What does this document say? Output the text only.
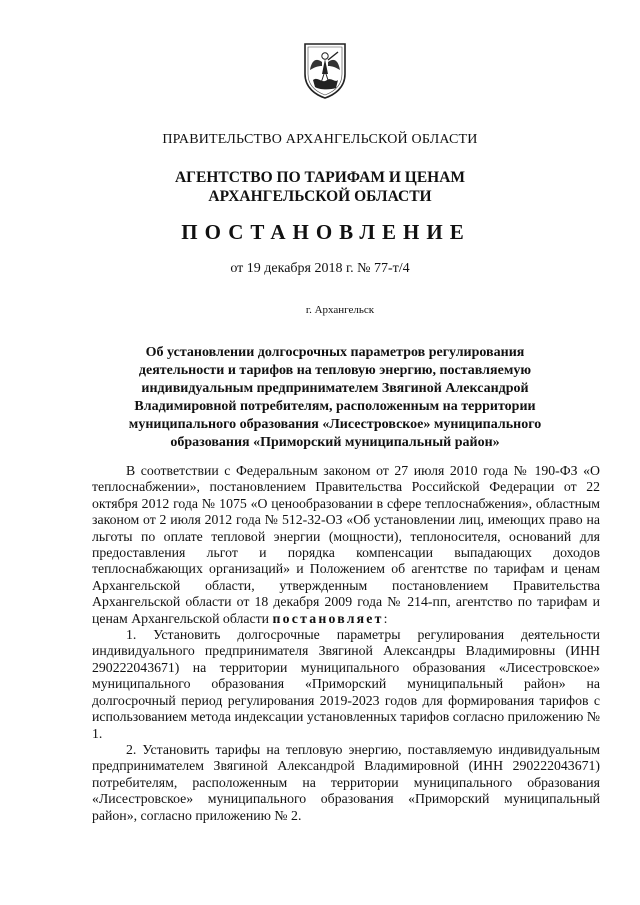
ПРАВИТЕЛЬСТВО АРХАНГЕЛЬСКОЙ ОБЛАСТИ
АГЕНТСТВО ПО ТАРИФАМ И ЦЕНАМ
АРХАНГЕЛЬСКОЙ ОБЛАСТИ
ПОСТАНОВЛЕНИЕ
от 19 декабря 2018 г. № 77-т/4
г. Архангельск
Об установлении долгосрочных параметров регулирования
деятельности и тарифов на тепловую энергию, поставляемую
индивидуальным предпринимателем Звягиной Александрой
Владимировной потребителям, расположенным на территории
муниципального образования «Лисестровское» муниципального
образования «Приморский муниципальный район»

В соответствии с Федеральным законом от 27 июля 2010 года № 190-ФЗ «О теплоснабжении», постановлением Правительства Российской Федерации от 22 октября 2012 года № 1075 «О ценообразовании в сфере теплоснабжения», областным законом от 2 июля 2012 года № 512-32-ОЗ «Об установлении лиц, имеющих право на льготы по оплате тепловой энергии (мощности), теплоносителя, оснований для предоставления льгот и порядка компенсации выпадающих доходов теплоснабжающих организаций» и Положением об агентстве по тарифам и ценам Архангельской области, утвержденным постановлением Правительства Архангельской области от 18 декабря 2009 года № 214-пп, агентство по тарифам и ценам Архангельской области постановляет:

1. Установить долгосрочные параметры регулирования деятельности индивидуального предпринимателя Звягиной Александры Владимировны (ИНН 290222043671) на территории муниципального образования «Лисестровское» муниципального образования «Приморский муниципальный район» на долгосрочный период регулирования 2019-2023 годов для формирования тарифов с использованием метода индексации установленных тарифов согласно приложению № 1.

2. Установить тарифы на тепловую энергию, поставляемую индивидуальным предпринимателем Звягиной Александрой Владимировной (ИНН 290222043671) потребителям, расположенным на территории муниципального образования «Лисестровское» муниципального образования «Приморский муниципальный район», согласно приложению № 2.
